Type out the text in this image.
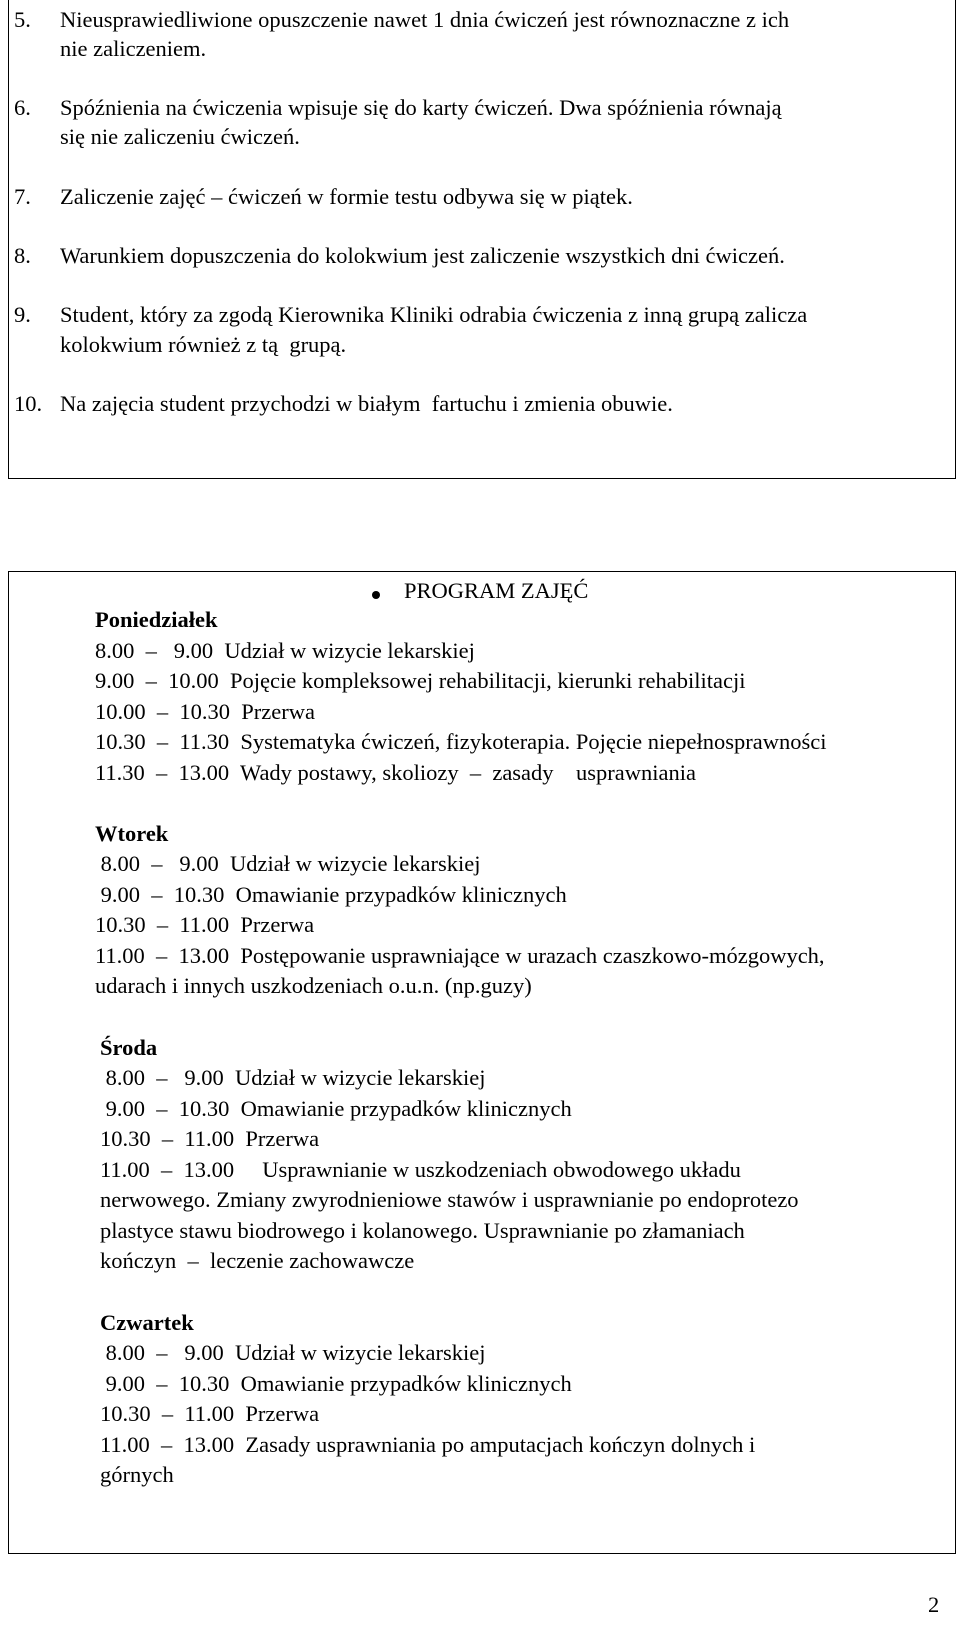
5.	Nieusprawiedliwione opuszczenie nawet 1 dnia ćwiczeń jest równoznaczne z ich
nie zaliczeniem.
6.	Spóźnienia na ćwiczenia wpisuje się do karty ćwiczeń. Dwa spóźnienia równają
się nie zaliczeniu ćwiczeń.
7.	Zaliczenie zajęć – ćwiczeń w formie testu odbywa się w piątek.
8.	Warunkiem dopuszczenia do kolokwium jest zaliczenie wszystkich dni ćwiczeń.
9.	Student, który za zgodą Kierownika Kliniki odrabia ćwiczenia z inną grupą zalicza
kolokwium również z tą  grupą.
10. Na zajęcia student przychodzi w białym  fartuchu i zmienia obuwie.
PROGRAM ZAJĘĆ
Poniedziałek
8.00  –   9.00  Udział w wizycie lekarskiej
9.00  –  10.00  Pojęcie kompleksowej rehabilitacji, kierunki rehabilitacji
10.00  –  10.30  Przerwa
10.30  –  11.30  Systematyka ćwiczeń, fizykoterapia. Pojęcie niepełnosprawności
11.30  –  13.00  Wady postawy, skoliozy  –  zasady    usprawniania
Wtorek
8.00  –   9.00  Udział w wizycie lekarskiej
9.00  –  10.30  Omawianie przypadków klinicznych
10.30  –  11.00  Przerwa
11.00  –  13.00  Postępowanie usprawniające w urazach czaszkowo-mózgowych,
udarach i innych uszkodzeniach o.u.n. (np.guzy)
Środa
8.00  –   9.00  Udział w wizycie lekarskiej
9.00  –  10.30  Omawianie przypadków klinicznych
10.30  –  11.00  Przerwa
11.00  –  13.00     Usprawnianie w uszkodzeniach obwodowego układu
nerwowego. Zmiany zwyrodnieniowe stawów i usprawnianie po endoprotezo
plastyce stawu biodrowego i kolanowego. Usprawnianie po złamaniach
kończyn  –  leczenie zachowawcze
Czwartek
8.00  –   9.00  Udział w wizycie lekarskiej
9.00  –  10.30  Omawianie przypadków klinicznych
10.30  –  11.00  Przerwa
11.00  –  13.00  Zasady usprawniania po amputacjach kończyn dolnych i
górnych
2
